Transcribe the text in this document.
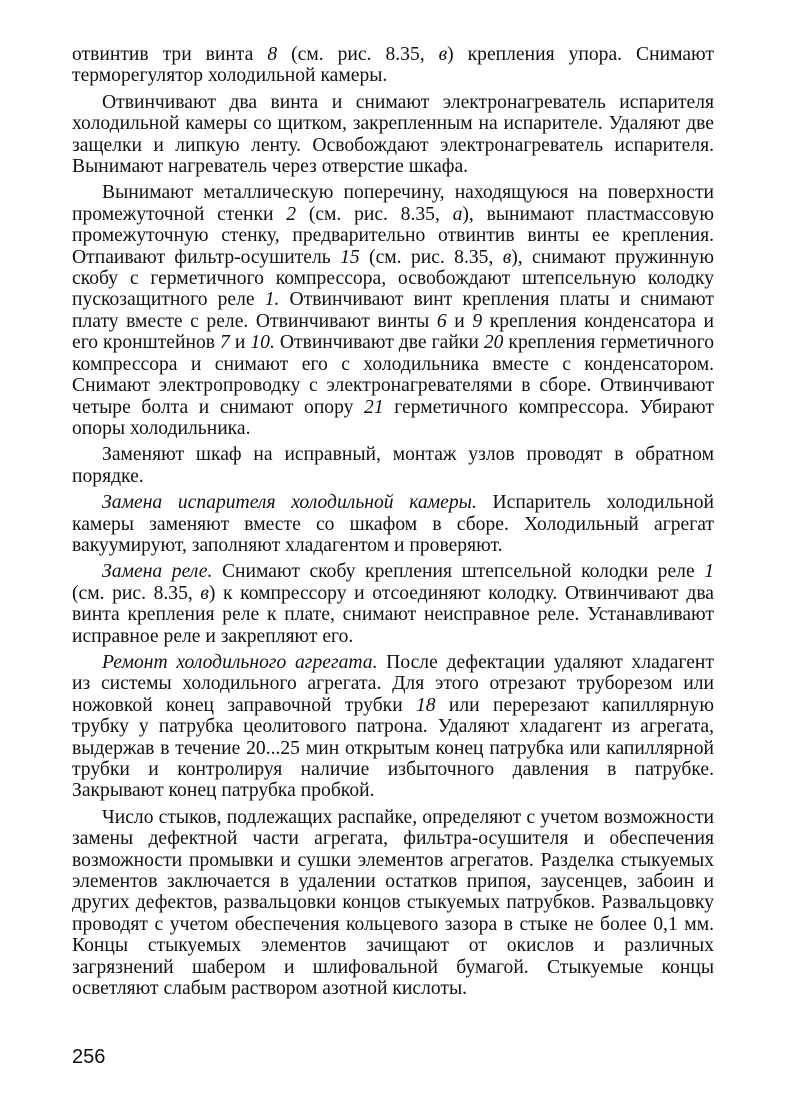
отвинтив три винта 8 (см. рис. 8.35, в) крепления упора. Снимают терморегулятор холодильной камеры.

Отвинчивают два винта и снимают электронагреватель испарителя холодильной камеры со щитком, закрепленным на испарителе. Удаляют две защелки и липкую ленту. Освобождают электронагреватель испарителя. Вынимают нагреватель через отверстие шкафа.

Вынимают металлическую поперечину, находящуюся на поверхности промежуточной стенки 2 (см. рис. 8.35, а), вынимают пластмассовую промежуточную стенку, предварительно отвинтив винты ее крепления. Отпаивают фильтр-осушитель 15 (см. рис. 8.35, в), снимают пружинную скобу с герметичного компрессора, освобождают штепсельную колодку пускозащитного реле 1. Отвинчивают винт крепления платы и снимают плату вместе с реле. Отвинчивают винты 6 и 9 крепления конденсатора и его кронштейнов 7 и 10. Отвинчивают две гайки 20 крепления герметичного компрессора и снимают его с холодильника вместе с конденсатором. Снимают электропроводку с электронагревателями в сборе. Отвинчивают четыре болта и снимают опору 21 герметичного компрессора. Убирают опоры холодильника.

Заменяют шкаф на исправный, монтаж узлов проводят в обратном порядке.

Замена испарителя холодильной камеры. Испаритель холодильной камеры заменяют вместе со шкафом в сборе. Холодильный агрегат вакуумируют, заполняют хладагентом и проверяют.

Замена реле. Снимают скобу крепления штепсельной колодки реле 1 (см. рис. 8.35, в) к компрессору и отсоединяют колодку. Отвинчивают два винта крепления реле к плате, снимают неисправное реле. Устанавливают исправное реле и закрепляют его.

Ремонт холодильного агрегата. После дефектации удаляют хладагент из системы холодильного агрегата. Для этого отрезают труборезом или ножовкой конец заправочной трубки 18 или перерезают капиллярную трубку у патрубка цеолитового патрона. Удаляют хладагент из агрегата, выдержав в течение 20...25 мин открытым конец патрубка или капиллярной трубки и контролируя наличие избыточного давления в патрубке. Закрывают конец патрубка пробкой.

Число стыков, подлежащих распайке, определяют с учетом возможности замены дефектной части агрегата, фильтра-осушителя и обеспечения возможности промывки и сушки элементов агрегатов. Разделка стыкуемых элементов заключается в удалении остатков припоя, заусенцев, забоин и других дефектов, развальцовки концов стыкуемых патрубков. Развальцовку проводят с учетом обеспечения кольцевого зазора в стыке не более 0,1 мм. Концы стыкуемых элементов зачищают от окислов и различных загрязнений шабером и шлифовальной бумагой. Стыкуемые концы осветляют слабым раствором азотной кислоты.

256
